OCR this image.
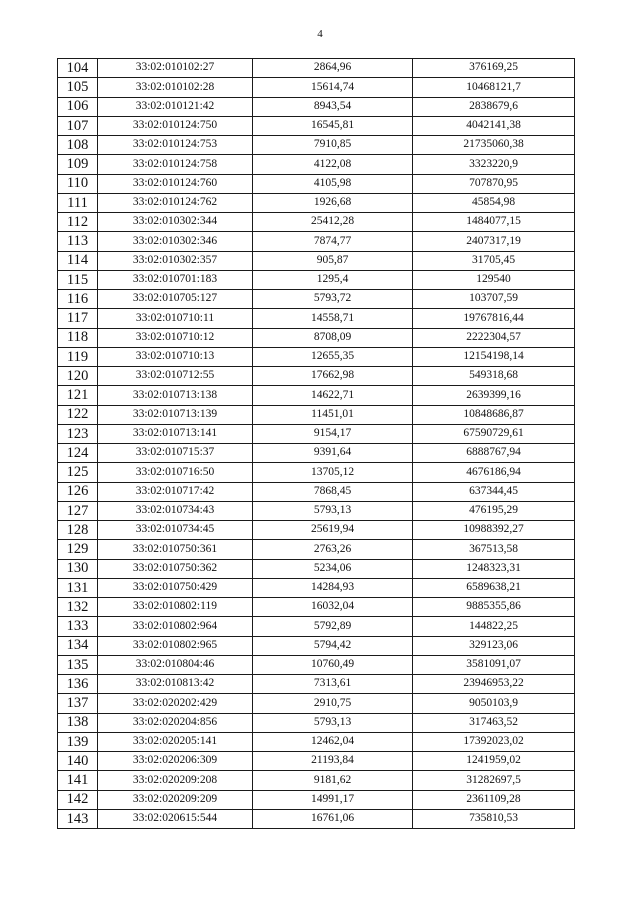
4
104	33:02:010102:27	2864,96	376169,25
105	33:02:010102:28	15614,74	10468121,7
106	33:02:010121:42	8943,54	2838679,6
107	33:02:010124:750	16545,81	4042141,38
108	33:02:010124:753	7910,85	21735060,38
109	33:02:010124:758	4122,08	3323220,9
110	33:02:010124:760	4105,98	707870,95
111	33:02:010124:762	1926,68	45854,98
112	33:02:010302:344	25412,28	1484077,15
113	33:02:010302:346	7874,77	2407317,19
114	33:02:010302:357	905,87	31705,45
115	33:02:010701:183	1295,4	129540
116	33:02:010705:127	5793,72	103707,59
117	33:02:010710:11	14558,71	19767816,44
118	33:02:010710:12	8708,09	2222304,57
119	33:02:010710:13	12655,35	12154198,14
120	33:02:010712:55	17662,98	549318,68
121	33:02:010713:138	14622,71	2639399,16
122	33:02:010713:139	11451,01	10848686,87
123	33:02:010713:141	9154,17	67590729,61
124	33:02:010715:37	9391,64	6888767,94
125	33:02:010716:50	13705,12	4676186,94
126	33:02:010717:42	7868,45	637344,45
127	33:02:010734:43	5793,13	476195,29
128	33:02:010734:45	25619,94	10988392,27
129	33:02:010750:361	2763,26	367513,58
130	33:02:010750:362	5234,06	1248323,31
131	33:02:010750:429	14284,93	6589638,21
132	33:02:010802:119	16032,04	9885355,86
133	33:02:010802:964	5792,89	144822,25
134	33:02:010802:965	5794,42	329123,06
135	33:02:010804:46	10760,49	3581091,07
136	33:02:010813:42	7313,61	23946953,22
137	33:02:020202:429	2910,75	9050103,9
138	33:02:020204:856	5793,13	317463,52
139	33:02:020205:141	12462,04	17392023,02
140	33:02:020206:309	21193,84	1241959,02
141	33:02:020209:208	9181,62	31282697,5
142	33:02:020209:209	14991,17	2361109,28
143	33:02:020615:544	16761,06	735810,53
